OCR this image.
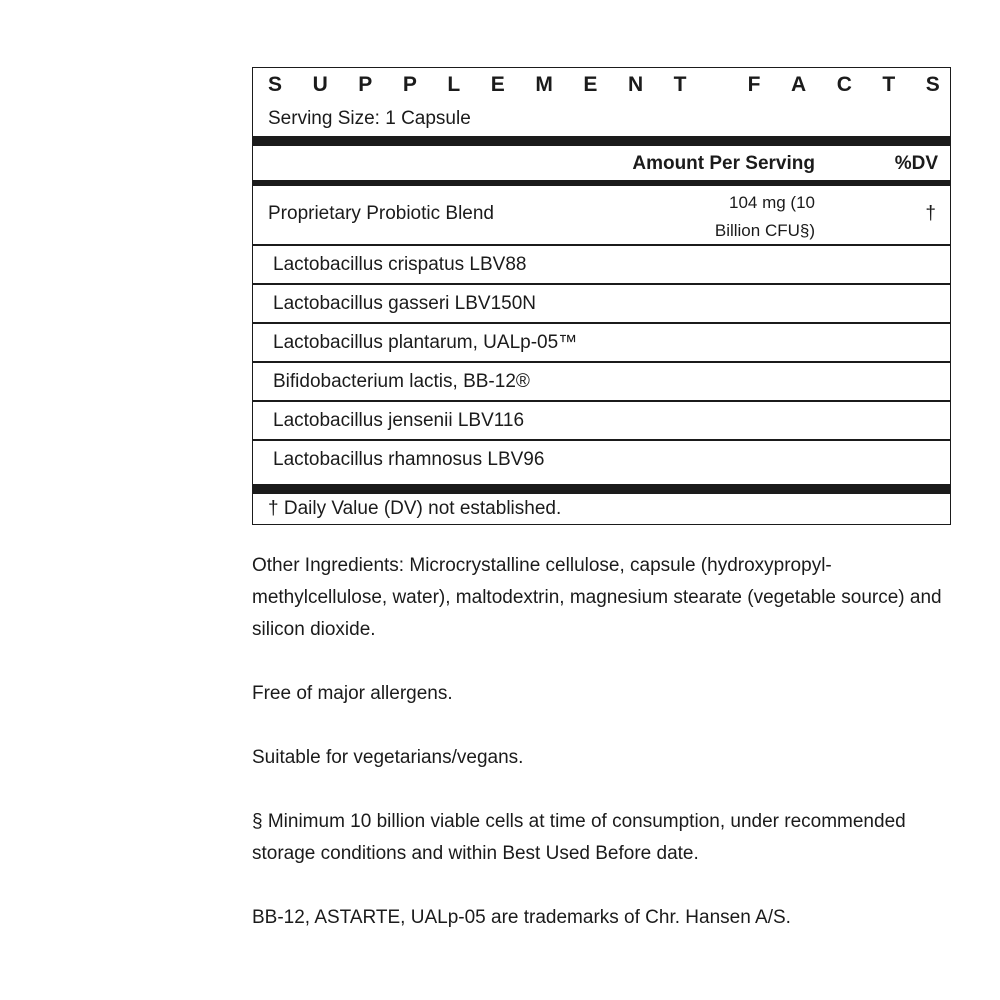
S U P P L E M E N T	F A C T S
Serving Size: 1 Capsule
Amount Per Serving	%DV
Proprietary Probiotic Blend
104 mg (10
Billion CFU§)
†
Lactobacillus crispatus LBV88
Lactobacillus gasseri LBV150N
Lactobacillus plantarum, UALp-05™
Bifidobacterium lactis, BB-12®
Lactobacillus jensenii LBV116
Lactobacillus rhamnosus LBV96
† Daily Value (DV) not established.

Other Ingredients: Microcrystalline cellulose, capsule (hydroxypropyl-methylcellulose, water), maltodextrin, magnesium stearate (vegetable source) and silicon dioxide.

Free of major allergens.

Suitable for vegetarians/vegans.

§ Minimum 10 billion viable cells at time of consumption, under recommended storage conditions and within Best Used Before date.

BB-12, ASTARTE, UALp-05 are trademarks of Chr. Hansen A/S.
